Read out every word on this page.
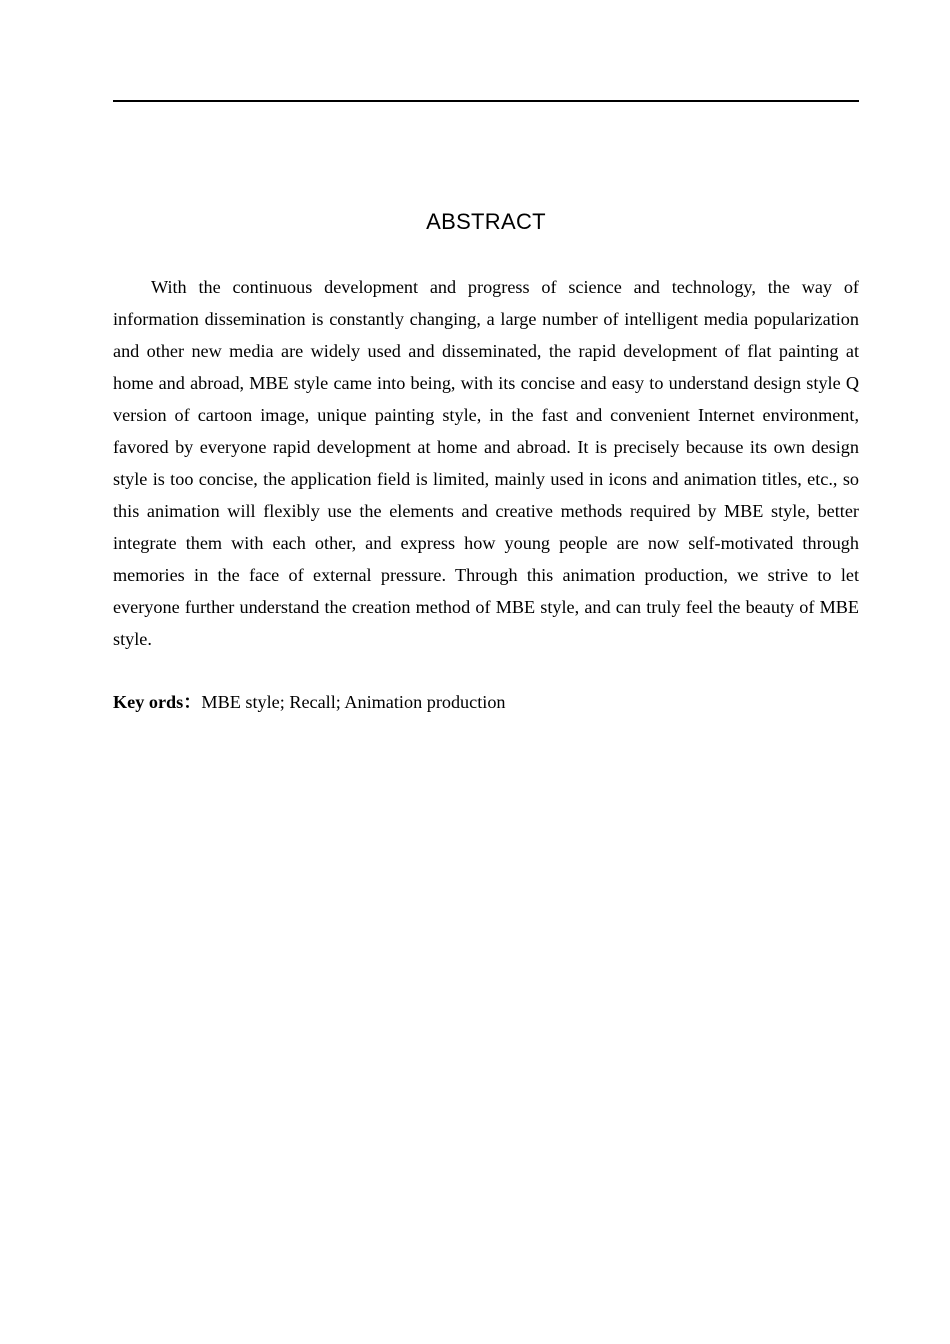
ABSTRACT

With the continuous development and progress of science and technology, the way of information dissemination is constantly changing, a large number of intelligent media popularization and other new media are widely used and disseminated, the rapid development of flat painting at home and abroad, MBE style came into being, with its concise and easy to understand design style Q version of cartoon image, unique painting style, in the fast and convenient Internet environment, favored by everyone rapid development at home and abroad. It is precisely because its own design style is too concise, the application field is limited, mainly used in icons and animation titles, etc., so this animation will flexibly use the elements and creative methods required by MBE style, better integrate them with each other, and express how young people are now self-motivated through memories in the face of external pressure. Through this animation production, we strive to let everyone further understand the creation method of MBE style, and can truly feel the beauty of MBE style.

Key ords：MBE style; Recall; Animation production
